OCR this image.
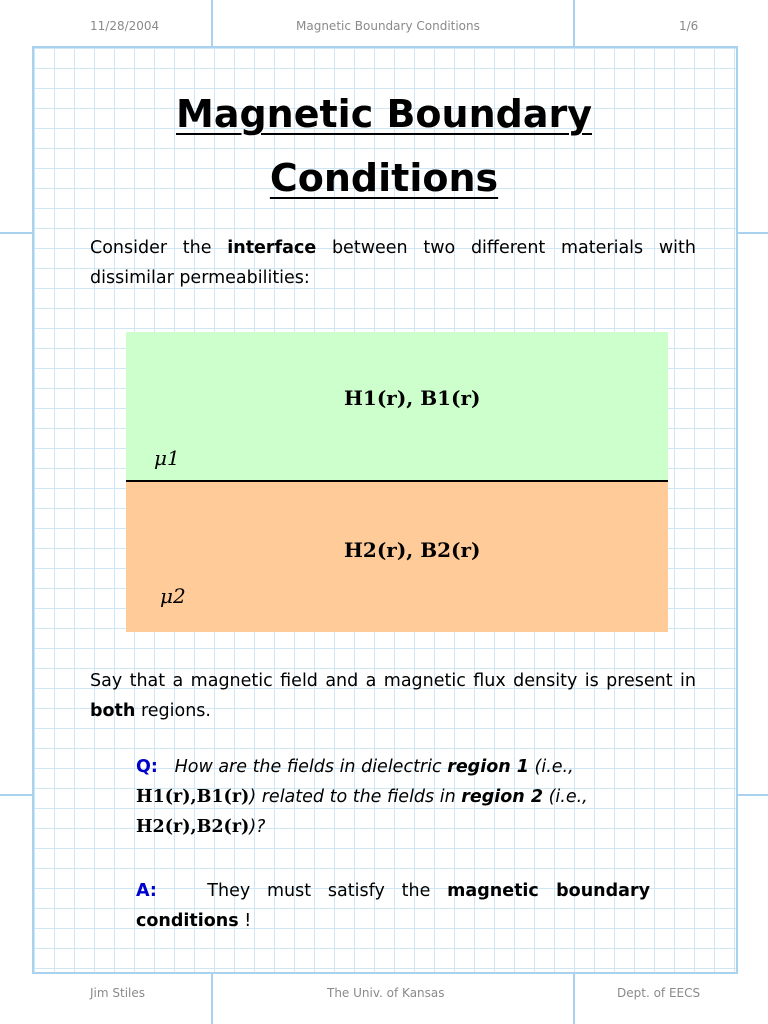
11/28/2004	Magnetic Boundary Conditions	1/6
Jim Stiles	The Univ. of Kansas	Dept. of EECS
Magnetic Boundary
Conditions
Consider the interface between two different materials with dissimilar permeabilities:
H1(r), B1(r)
μ1
H2(r), B2(r)
μ2
Say that a magnetic field and a magnetic flux density is present in both regions.
Q: How are the fields in dielectric region 1 (i.e., H1(r),B1(r)) related to the fields in region 2 (i.e., H2(r),B2(r))?
A:	They must satisfy the magnetic boundary conditions !
